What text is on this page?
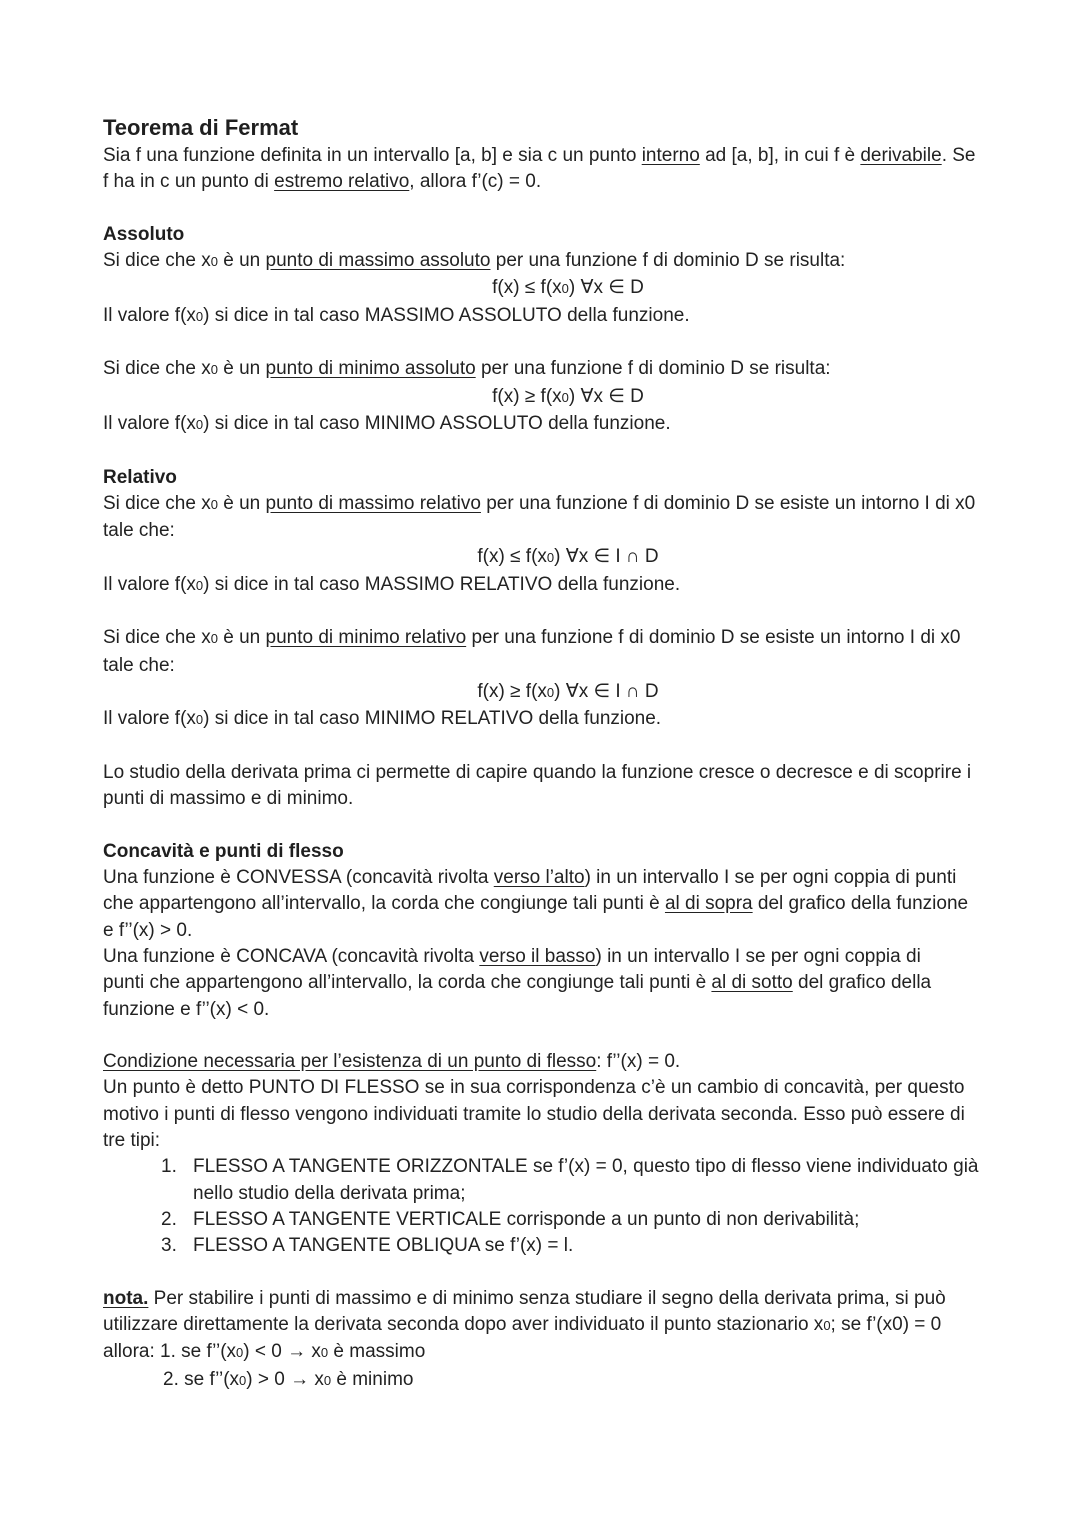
Teorema di Fermat
Sia f una funzione definita in un intervallo [a, b] e sia c un punto interno ad [a, b], in cui f è derivabile. Se
f ha in c un punto di estremo relativo, allora f’(c) = 0.
Assoluto
Si dice che x0 è un punto di massimo assoluto per una funzione f di dominio D se risulta:
f(x) ≤ f(x0) ∀x ∈ D
Il valore f(x0) si dice in tal caso MASSIMO ASSOLUTO della funzione.
Si dice che x0 è un punto di minimo assoluto per una funzione f di dominio D se risulta:
f(x) ≥ f(x0) ∀x ∈ D
Il valore f(x0) si dice in tal caso MINIMO ASSOLUTO della funzione.
Relativo
Si dice che x0 è un punto di massimo relativo per una funzione f di dominio D se esiste un intorno I di x0
tale che:
f(x) ≤ f(x0) ∀x ∈ I ∩ D
Il valore f(x0) si dice in tal caso MASSIMO RELATIVO della funzione.
Si dice che x0 è un punto di minimo relativo per una funzione f di dominio D se esiste un intorno I di x0
tale che:
f(x) ≥ f(x0) ∀x ∈ I ∩ D
Il valore f(x0) si dice in tal caso MINIMO RELATIVO della funzione.
Lo studio della derivata prima ci permette di capire quando la funzione cresce o decresce e di scoprire i
punti di massimo e di minimo.
Concavità e punti di flesso
Una funzione è CONVESSA (concavità rivolta verso l’alto) in un intervallo I se per ogni coppia di punti
che appartengono all’intervallo, la corda che congiunge tali punti è al di sopra del grafico della funzione
e f’’(x) > 0.
Una funzione è CONCAVA (concavità rivolta verso il basso) in un intervallo I se per ogni coppia di
punti che appartengono all’intervallo, la corda che congiunge tali punti è al di sotto del grafico della
funzione e f’’(x) < 0.
Condizione necessaria per l’esistenza di un punto di flesso: f’’(x) = 0.
Un punto è detto PUNTO DI FLESSO se in sua corrispondenza c’è un cambio di concavità, per questo
motivo i punti di flesso vengono individuati tramite lo studio della derivata seconda. Esso può essere di
tre tipi:
1. FLESSO A TANGENTE ORIZZONTALE se f’(x) = 0, questo tipo di flesso viene individuato già
nello studio della derivata prima;
2. FLESSO A TANGENTE VERTICALE corrisponde a un punto di non derivabilità;
3. FLESSO A TANGENTE OBLIQUA se f’(x) = l.
nota. Per stabilire i punti di massimo e di minimo senza studiare il segno della derivata prima, si può
utilizzare direttamente la derivata seconda dopo aver individuato il punto stazionario x0; se f’(x0) = 0
allora: 1. se f’’(x0) < 0 → x0 è massimo
2. se f’’(x0) > 0 → x0 è minimo
